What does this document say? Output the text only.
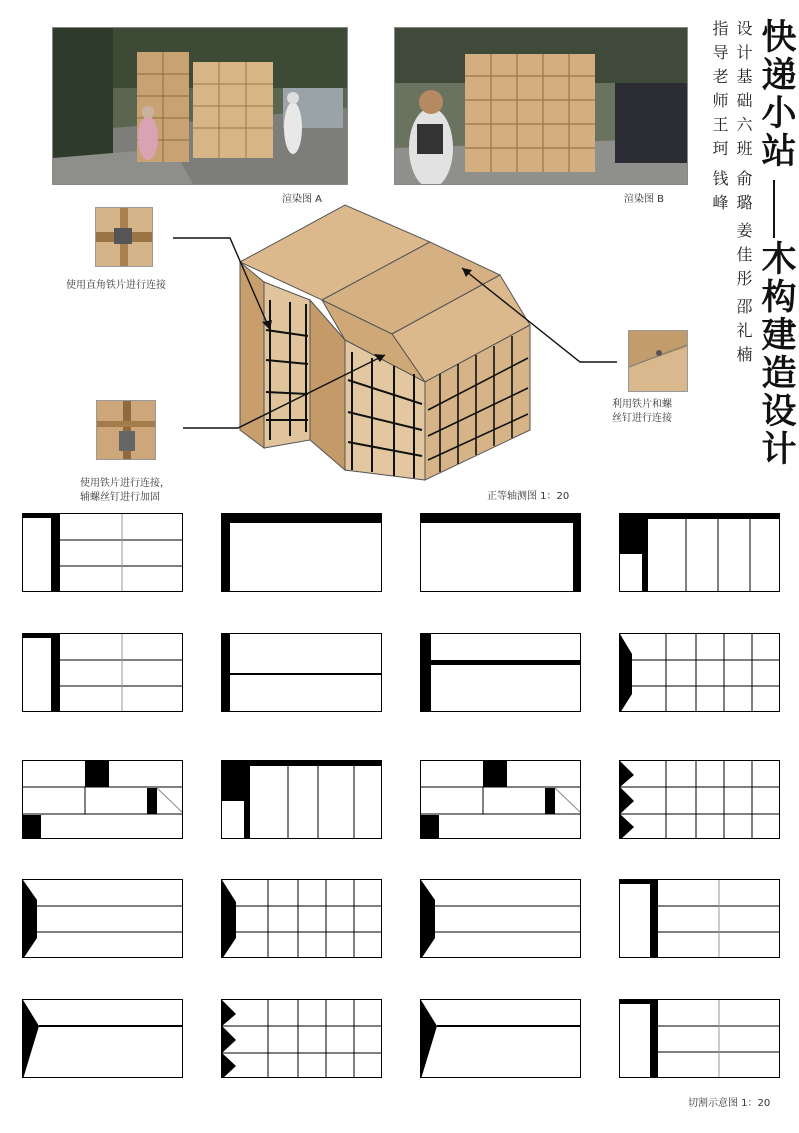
快递小站
木构建造设计
设计基础六班
俞璐
姜佳彤
邵礼楠
指导老师王珂
钱峰
渲染图 A	渲染图 B
使用直角铁片进行连接
利用铁片和螺
丝钉进行连接
使用铁片进行连接，
辅螺丝钉进行加固	正等轴测图 1：20
切割示意图 1：20
